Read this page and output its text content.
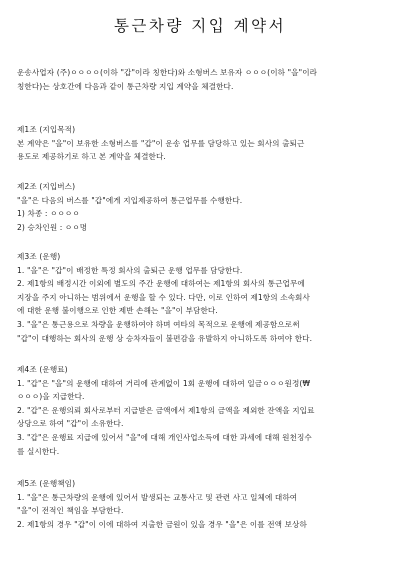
통근차량 지입 계약서
운송사업자 (주)ㅇㅇㅇㅇ(이하 "갑"이라 칭한다)와 소형버스 보유자 ㅇㅇㅇ(이하 "을"이라
칭한다)는 상호간에 다음과 같이 통근차량 지입 계약을 체결한다.
제1조 (지입목적)
본 계약은 "을"이 보유한 소형버스를 "갑"이 운송 업무를 담당하고 있는 회사의 출퇴근
용도로 제공하기로 하고 본 계약을 체결한다.
제2조 (지입버스)
"을"은 다음의 버스를 "갑"에게 지입제공하여 통근업무를 수행한다.
1) 차종 : ㅇㅇㅇㅇ
2) 승차인원 : ㅇㅇ명
제3조 (운행)
1. "을"은 "갑"이 배정한 특정 회사의 출퇴근 운행 업무를 담당한다.
2. 제1항의 배정시간 이외에 별도의 주간 운행에 대하여는 제1항의 회사의 통근업무에
지장을 주지 아니하는 범위에서 운행을 할 수 있다. 다만, 이로 인하여 제1항의 소속회사
에 대한 운행 불이행으로 인한 제반 손해는 "을"이 부담한다.
3. "을"은 통근용으로 차량을 운행하여야 하며 여타의 목적으로 운행에 제공함으로써
"갑"이 대행하는 회사의 운행 상 승차자들이 불편감을 유발하지 아니하도록 하여야 한다.
제4조 (운행료)
1. "갑"은 "을"의 운행에 대하여 거리에 관계없이 1회 운행에 대하여 일금ㅇㅇㅇ원정(₩
ㅇㅇㅇ)을 지급한다.
2. "갑"은 운행의뢰 회사로부터 지급받은 금액에서 제1항의 금액을 제외한 잔액을 지입료
상당으로 하여 "갑"이 소유한다.
3. "갑"은 운행료 지급에 있어서 "을"에 대해 개인사업소득에 대한 과세에 대해 원천징수
를 실시한다.
제5조 (운행책임)
1. "을"은 통근차량의 운행에 있어서 발생되는 교통사고 및 관련 사고 일체에 대하여
"을"이 전적인 책임을 부담한다.
2. 제1항의 경우 "갑"이 이에 대하여 지출한 금원이 있을 경우 "을"은 이를 전액 보상하
